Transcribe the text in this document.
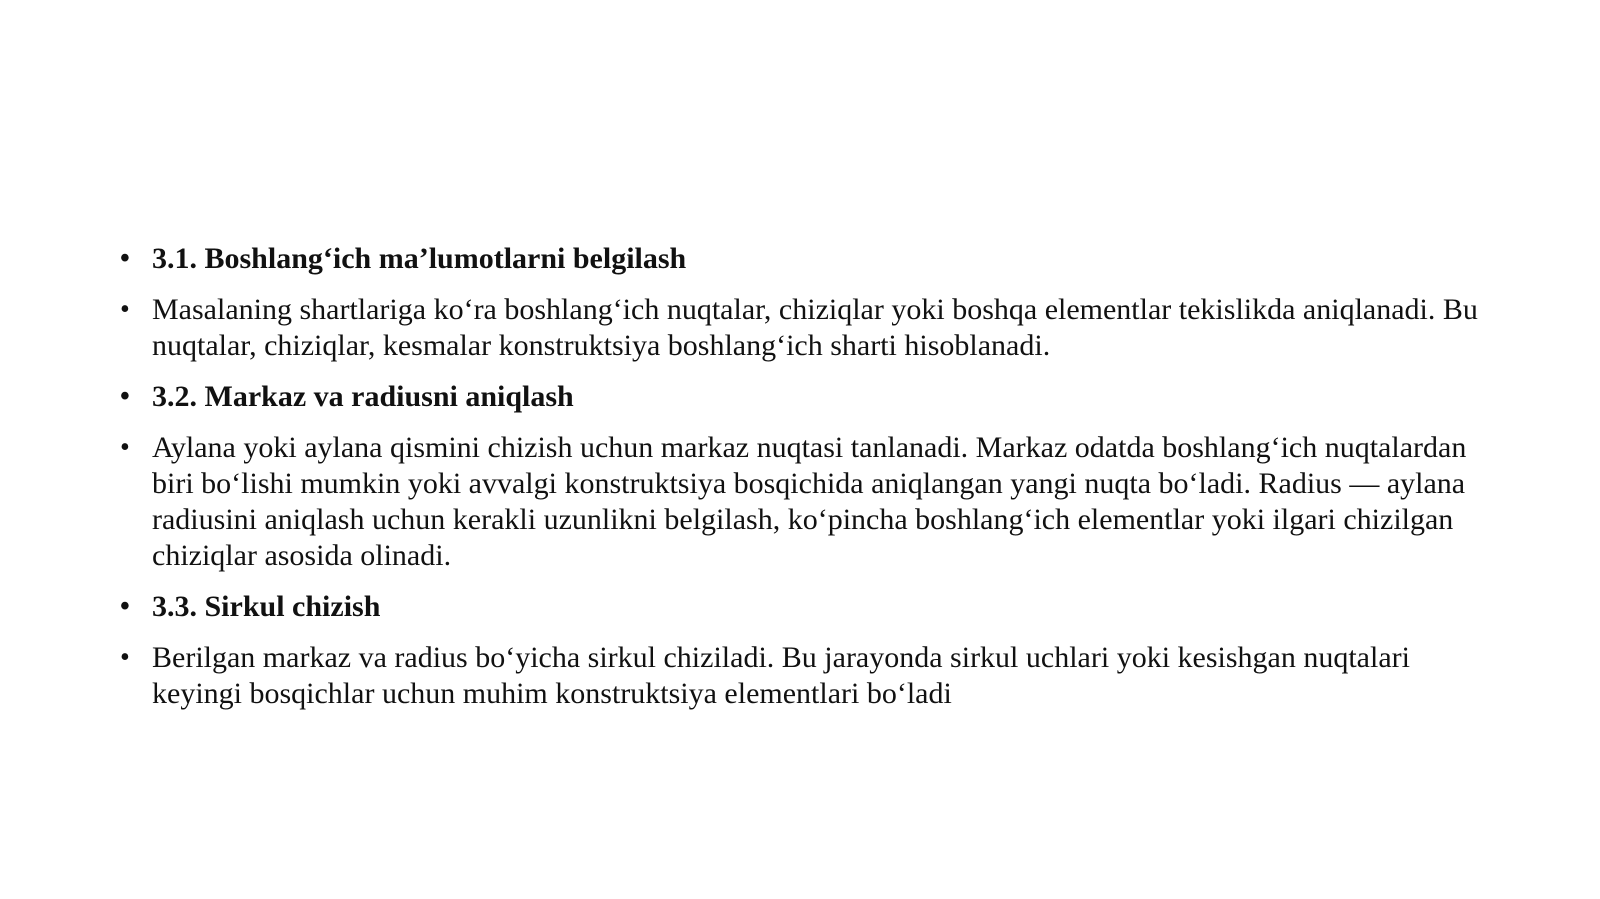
• 3.1. Boshlang‘ich ma’lumotlarni belgilash
• Masalaning shartlariga ko‘ra boshlang‘ich nuqtalar, chiziqlar yoki boshqa elementlar tekislikda aniqlanadi. Bu nuqtalar, chiziqlar, kesmalar konstruktsiya boshlang‘ich sharti hisoblanadi.
• 3.2. Markaz va radiusni aniqlash
• Aylana yoki aylana qismini chizish uchun markaz nuqtasi tanlanadi. Markaz odatda boshlang‘ich nuqtalardan biri bo‘lishi mumkin yoki avvalgi konstruktsiya bosqichida aniqlangan yangi nuqta bo‘ladi. Radius — aylana radiusini aniqlash uchun kerakli uzunlikni belgilash, ko‘pincha boshlang‘ich elementlar yoki ilgari chizilgan chiziqlar asosida olinadi.
• 3.3. Sirkul chizish
• Berilgan markaz va radius bo‘yicha sirkul chiziladi. Bu jarayonda sirkul uchlari yoki kesishgan nuqtalari keyingi bosqichlar uchun muhim konstruktsiya elementlari bo‘ladi
